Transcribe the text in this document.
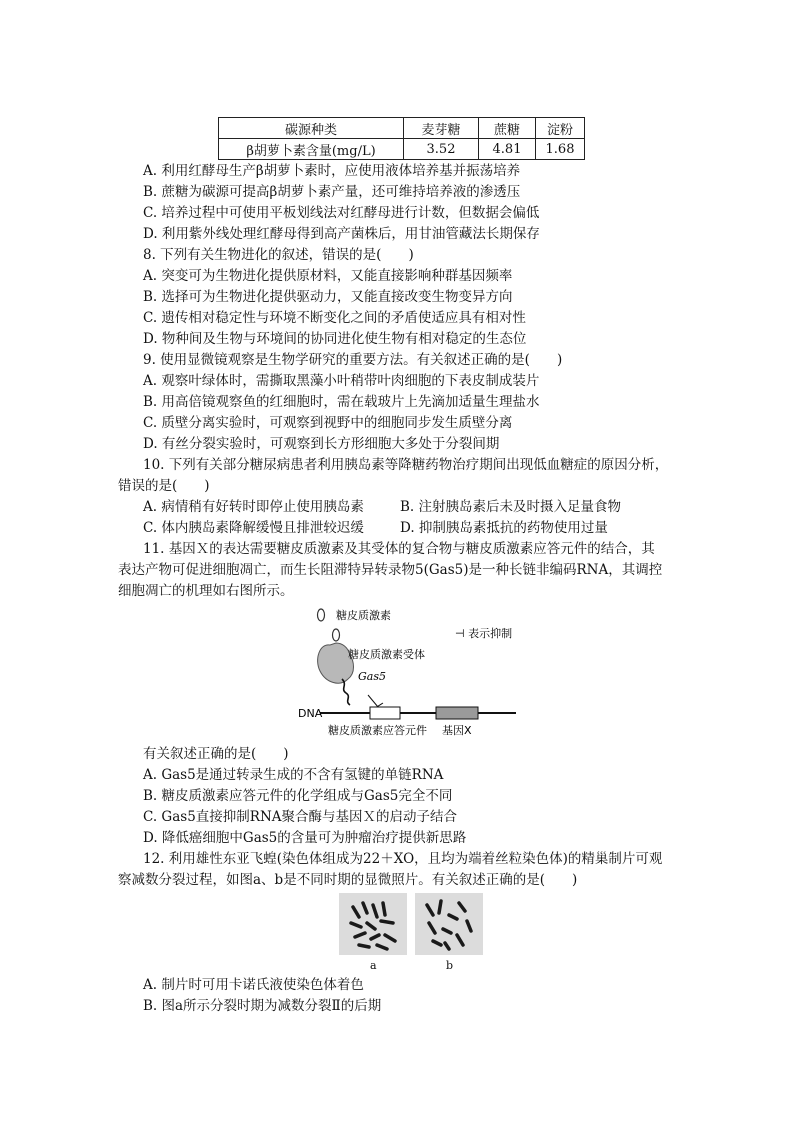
碳源种类	麦芽糖	蔗糖	淀粉
β胡萝卜素含量(mg/L)	3.52	4.81	1.68
A. 利用红酵母生产β胡萝卜素时，应使用液体培养基并振荡培养
B. 蔗糖为碳源可提高β胡萝卜素产量，还可维持培养液的渗透压
C. 培养过程中可使用平板划线法对红酵母进行计数，但数据会偏低
D. 利用紫外线处理红酵母得到高产菌株后，用甘油管藏法长期保存
8. 下列有关生物进化的叙述，错误的是(　　)
A. 突变可为生物进化提供原材料，又能直接影响种群基因频率
B. 选择可为生物进化提供驱动力，又能直接改变生物变异方向
C. 遗传相对稳定性与环境不断变化之间的矛盾使适应具有相对性
D. 物种间及生物与环境间的协同进化使生物有相对稳定的生态位
9. 使用显微镜观察是生物学研究的重要方法。有关叙述正确的是(　　)
A. 观察叶绿体时，需撕取黑藻小叶稍带叶肉细胞的下表皮制成装片
B. 用高倍镜观察鱼的红细胞时，需在载玻片上先滴加适量生理盐水
C. 质壁分离实验时，可观察到视野中的细胞同步发生质壁分离
D. 有丝分裂实验时，可观察到长方形细胞大多处于分裂间期
10. 下列有关部分糖尿病患者利用胰岛素等降糖药物治疗期间出现低血糖症的原因分析，
错误的是(　　)
A. 病情稍有好转时即停止使用胰岛素	B. 注射胰岛素后未及时摄入足量食物
C. 体内胰岛素降解缓慢且排泄较迟缓	D. 抑制胰岛素抵抗的药物使用过量
11. 基因Ｘ的表达需要糖皮质激素及其受体的复合物与糖皮质激素应答元件的结合，其
表达产物可促进细胞凋亡，而生长阻滞特异转录物5(Gas5)是一种长链非编码RNA，其调控
细胞凋亡的机理如右图所示。
糖皮质激素
糖皮质激素受体
⊣ 表示抑制
Gas5
DNA
糖皮质激素应答元件 基因X
有关叙述正确的是(　　)
A. Gas5是通过转录生成的不含有氢键的单链RNA
B. 糖皮质激素应答元件的化学组成与Gas5完全不同
C. Gas5直接抑制RNA聚合酶与基因Ｘ的启动子结合
D. 降低癌细胞中Gas5的含量可为肿瘤治疗提供新思路
12. 利用雄性东亚飞蝗(染色体组成为22＋XO，且均为端着丝粒染色体)的精巢制片可观
察减数分裂过程，如图a、b是不同时期的显微照片。有关叙述正确的是(　　)
a	b
A. 制片时可用卡诺氏液使染色体着色
B. 图a所示分裂时期为减数分裂Ⅱ的后期
